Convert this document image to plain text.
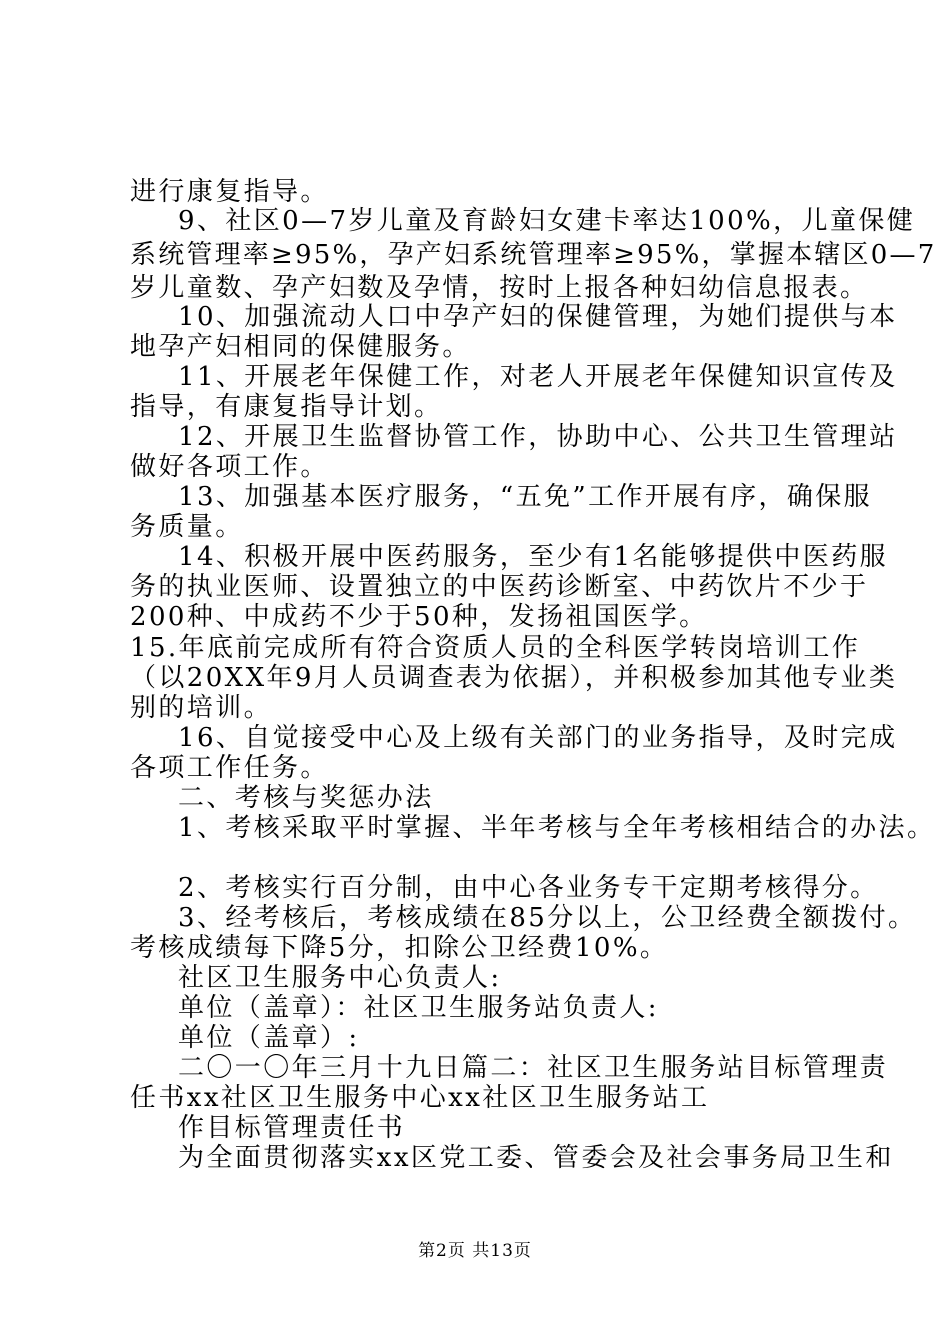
进行康复指导。
9、社区0—7岁儿童及育龄妇女建卡率达100%，儿童保健
系统管理率≥95%，孕产妇系统管理率≥95%，掌握本辖区0—7
岁儿童数、孕产妇数及孕情，按时上报各种妇幼信息报表。
10、加强流动人口中孕产妇的保健管理，为她们提供与本
地孕产妇相同的保健服务。
11、开展老年保健工作，对老人开展老年保健知识宣传及
指导，有康复指导计划。
12、开展卫生监督协管工作，协助中心、公共卫生管理站
做好各项工作。
13、加强基本医疗服务，“五免”工作开展有序，确保服
务质量。
14、积极开展中医药服务，至少有1名能够提供中医药服
务的执业医师、设置独立的中医药诊断室、中药饮片不少于
200种、中成药不少于50种，发扬祖国医学。
15.年底前完成所有符合资质人员的全科医学转岗培训工作
（以20XX年9月人员调查表为依据），并积极参加其他专业类
别的培训。
16、自觉接受中心及上级有关部门的业务指导，及时完成
各项工作任务。
二、考核与奖惩办法
1、考核采取平时掌握、半年考核与全年考核相结合的办法。
2、考核实行百分制，由中心各业务专干定期考核得分。
3、经考核后，考核成绩在85分以上，公卫经费全额拨付。
考核成绩每下降5分，扣除公卫经费10%。
社区卫生服务中心负责人:
单位（盖章）：社区卫生服务站负责人:
单位（盖章）:
二〇一〇年三月十九日篇二：社区卫生服务站目标管理责
任书xx社区卫生服务中心xx社区卫生服务站工
作目标管理责任书
为全面贯彻落实xx区党工委、管委会及社会事务局卫生和
第2页 共13页
